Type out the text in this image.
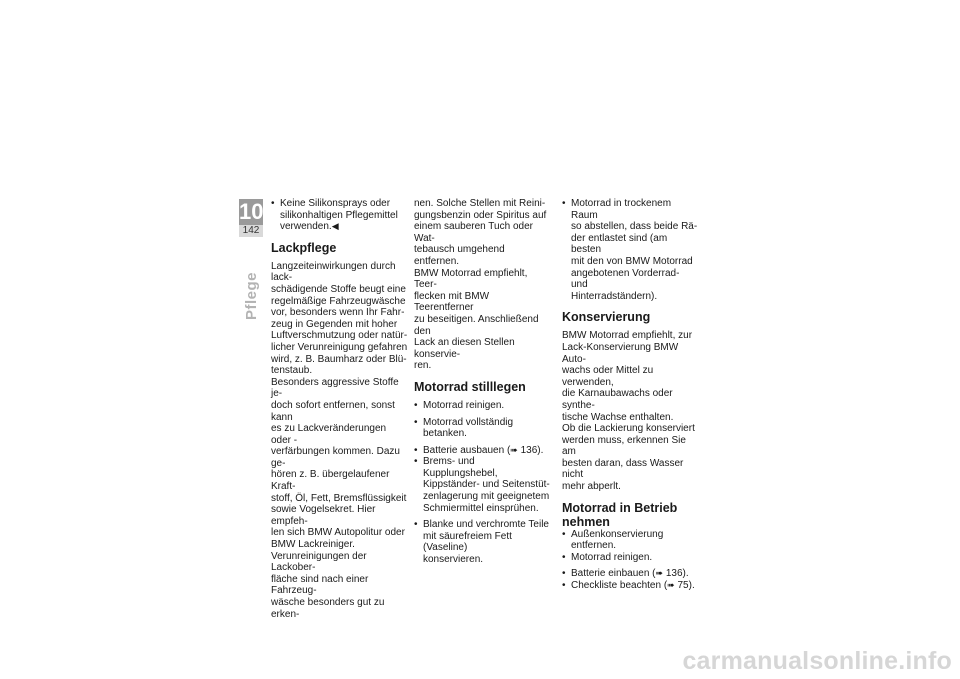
10
142
Pflege
• Keine Silikonsprays oder
silikonhaltigen Pflegemittel
verwenden.◀
Lackpflege

Langzeiteinwirkungen durch lack-
schädigende Stoffe beugt eine
regelmäßige Fahrzeugwäsche
vor, besonders wenn Ihr Fahr-
zeug in Gegenden mit hoher
Luftverschmutzung oder natür-
licher Verunreinigung gefahren
wird, z. B. Baumharz oder Blü-
tenstaub.

Besonders aggressive Stoffe je-
doch sofort entfernen, sonst kann
es zu Lackveränderungen oder -
verfärbungen kommen. Dazu ge-
hören z. B. übergelaufener Kraft-
stoff, Öl, Fett, Bremsflüssigkeit
sowie Vogelsekret. Hier empfeh-
len sich BMW Autopolitur oder
BMW Lackreiniger.

Verunreinigungen der Lackober-
fläche sind nach einer Fahrzeug-
wäsche besonders gut zu erken-

nen. Solche Stellen mit Reini-
gungsbenzin oder Spiritus auf
einem sauberen Tuch oder Wat-
tebausch umgehend entfernen.
BMW Motorrad empfiehlt, Teer-
flecken mit BMW Teerentferner
zu beseitigen. Anschließend den
Lack an diesen Stellen konservie-
ren.

Motorrad stilllegen
• Motorrad reinigen.
• Motorrad vollständig betanken.
• Batterie ausbauen (➠ 136).
• Brems- und Kupplungshebel,
Kippständer- und Seitenstüt-
zenlagerung mit geeignetem
Schmiermittel einsprühen.
• Blanke und verchromte Teile
mit säurefreiem Fett (Vaseline)
konservieren.
• Motorrad in trockenem Raum
so abstellen, dass beide Rä-
der entlastet sind (am besten
mit den von BMW Motorrad
angebotenen Vorderrad- und
Hinterradständern).
Konservierung

BMW Motorrad empfiehlt, zur
Lack-Konservierung BMW Auto-
wachs oder Mittel zu verwenden,
die Karnaubawachs oder synthe-
tische Wachse enthalten.

Ob die Lackierung konserviert
werden muss, erkennen Sie am
besten daran, dass Wasser nicht
mehr abperlt.

Motorrad in Betrieb
nehmen
• Außenkonservierung entfernen.
• Motorrad reinigen.
• Batterie einbauen (➠ 136).
• Checkliste beachten (➠ 75).
carmanualsonline.info
